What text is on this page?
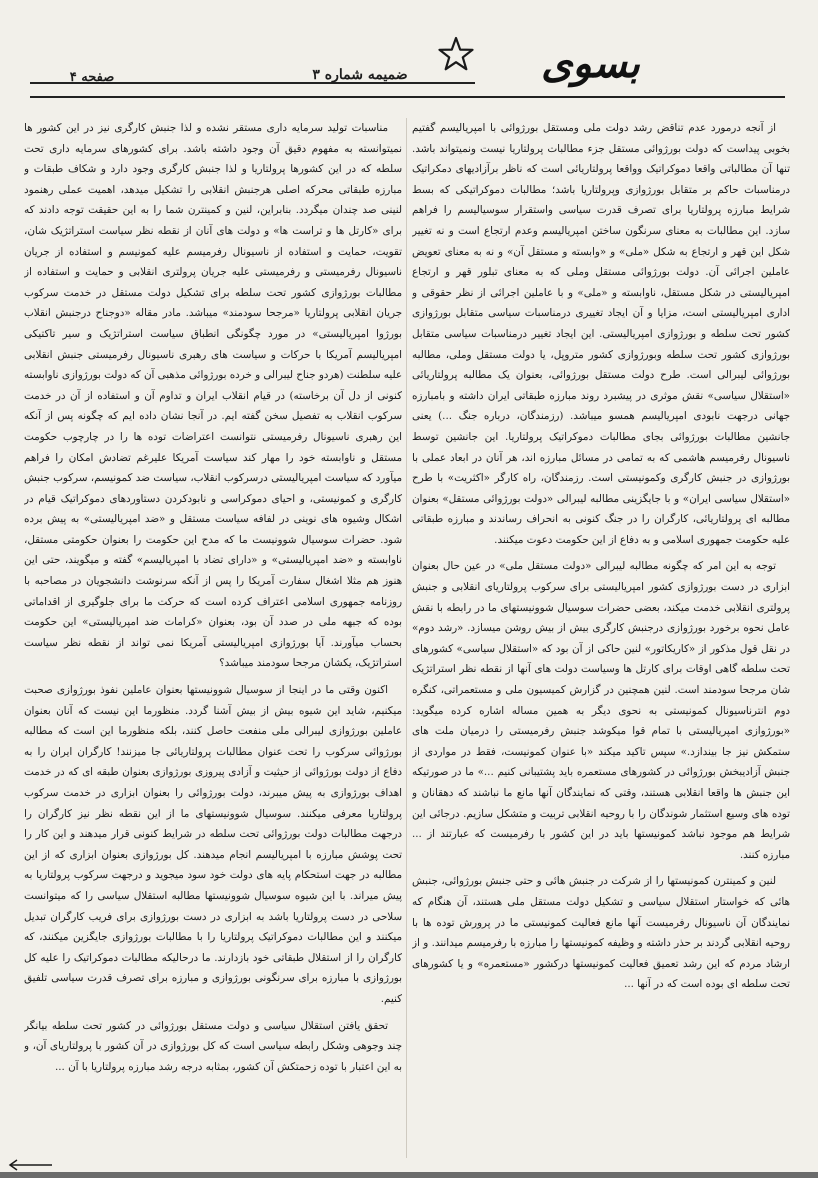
بسوی
ضمیمه شماره ۳
صفحه ۴

از آنجه درمورد عدم تناقض رشد دولت ملی ومستقل بورژوائی با امپریالیسم گفتیم بخوبی پیداست که دولت بورژوائی مستقل جزء مطالبات پرولتاریا نیست ونمیتواند باشد. تنها آن مطالباتی واقعا دموکراتیک وواقعا پرولتاریائی است که ناظر برآزادیهای دمکراتیک درمناسبات حاکم بر متقابل بورژوازی وپرولتاریا باشد؛ مطالبات دموکراتیکی که بسط شرایط مبارزه پرولتاریا برای تصرف قدرت سیاسی واستقرار سوسیالیسم را فراهم سازد. این مطالبات به معنای سرنگون ساختن امپریالیسم وعدم ارتجاع است و نه تغییر شکل این قهر و ارتجاع به شکل «ملی» و «وابسته و مستقل آن» و نه به معنای تعویض عاملین اجرائی آن. دولت بورژوائی مستقل وملی که به معنای تبلور قهر و ارتجاع امپریالیستی در شکل مستقل، ناوابسته و «ملی» و با عاملین اجرائی از نظر حقوقی و اداری امپریالیستی است، مزایا و آن ایجاد تغییری درمناسبات سیاسی متقابل بورژوازی کشور تحت سلطه و بورژوازی امپریالیستی. این ایجاد تغییر درمناسبات سیاسی متقابل بورژوازی کشور تحت سلطه وبورژوازی کشور متروپل، یا دولت مستقل وملی، مطالبه بورژوائی لیبرالی است. طرح دولت مستقل بورژوائی، بعنوان یک مطالبه پرولتاریائی «استقلال سیاسی» نقش موثری در پیشبرد روند مبارزه طبقاتی ایران داشته و بامبارزه جهانی درجهت نابودی امپریالیسم همسو میباشد. (رزمندگان، درباره جنگ ...) یعنی جانشین مطالبات بورژوائی بجای مطالبات دموکراتیک پرولتاریا. این جانشین توسط ناسیونال رفرمیسم هاشمی که به تمامی در مسائل مبارزه اند، هر آنان در ابعاد عملی با بورژوازی در جنبش کارگری وکمونیستی است. رزمندگان، راه کارگر «اکثریت» با طرح «استقلال سیاسی ایران» و با جایگزینی مطالبه لیبرالی «دولت بورژوائی مستقل» بعنوان مطالبه ای پرولتاریائی، کارگران را در جنگ کنونی به انحراف رساندند و مبارزه طبقاتی علیه حکومت جمهوری اسلامی و به دفاع از این حکومت دعوت میکنند.

توجه به این امر که چگونه مطالبه لیبرالی «دولت مستقل ملی» در عین حال بعنوان ابزاری در دست بورژوازی کشور امپریالیستی برای سرکوب پرولتاریای انقلابی و جنبش پرولتری انقلابی خدمت میکند، بعضی حضرات سوسیال شوونیستهای ما در رابطه با نقش عامل نحوه برخورد بورژوازی درجنبش کارگری بیش از بیش روشن میسازد. «رشد دوم» در نقل قول مذکور از «کاریکاتور» لنین حاکی از آن بود که «استقلال سیاسی» کشورهای تحت سلطه گاهی اوقات برای کارتل ها وسیاست دولت های آنها از نقطه نظر استراتژیک شان مرجحا سودمند است. لنین همچنین در گزارش کمیسیون ملی و مستعمراتی، کنگره دوم انترناسیونال کمونیستی به نحوی دیگر به همین مساله اشاره کرده میگوید: «بورژوازی امپریالیستی با تمام قوا میکوشد جنبش رفرمیستی را درمیان ملت های ستمکش نیز جا بیندازد.» سپس تاکید میکند «با عنوان کمونیست، فقط در مواردی از جنبش آزادیبخش بورژوائی در کشورهای مستعمره باید پشتیبانی کنیم ...» ما در صورتیکه این جنبش ها واقعا انقلابی هستند، وقتی که نمایندگان آنها مانع ما نباشند که دهقانان و توده های وسیع استثمار شوندگان را با روحیه انقلابی تربیت و متشکل سازیم. درجائی این شرایط هم موجود نباشد کمونیستها باید در این کشور با رفرمیست که عبارتند از ... مبارزه کنند.

لنین و کمینترن کمونیستها را از شرکت در جنبش هائی و حتی جنبش بورژوائی، جنبش هائی که خواستار استقلال سیاسی و تشکیل دولت مستقل ملی هستند، آن هنگام که نمایندگان آن ناسیونال رفرمیست آنها مانع فعالیت کمونیستی ما در پرورش توده ها با روحیه انقلابی گردند بر حذر داشته و وظیفه کمونیستها را مبارزه با رفرمیسم میدانند. و از ارشاد مردم که این رشد تعمیق فعالیت کمونیستها درکشور «مستعمره» و یا کشورهای تحت سلطه ای بوده است که در آنها ...

مناسبات تولید سرمایه داری مستقر نشده و لذا جنبش کارگری نیز در این کشور ها نمیتوانسته به مفهوم دقیق آن وجود داشته باشد. برای کشورهای سرمایه داری تحت سلطه که در این کشورها پرولتاریا و لذا جنبش کارگری وجود دارد و شکاف طبقات و مبارزه طبقاتی محرکه اصلی هرجنبش انقلابی را تشکیل میدهد، اهمیت عملی رهنمود لنینی صد چندان میگردد. بنابراین، لنین و کمینترن شما را به این حقیقت توجه دادند که برای «کارتل ها و تراست ها» و دولت های آنان از نقطه نظر سیاست استراتژیک شان، تقویت، حمایت و استفاده از ناسیونال رفرمیسم علیه کمونیسم و استفاده از جریان ناسیونال رفرمیستی و رفرمیستی علیه جریان پرولتری انقلابی و حمایت و استفاده از مطالبات بورژوازی کشور تحت سلطه برای تشکیل دولت مستقل در خدمت سرکوب جریان انقلابی پرولتاریا «مرجحا سودمند» میباشد. مادر مقاله «دوجناح درجنبش انقلاب بورژوا امپریالیستی» در مورد چگونگی انطباق سیاست استراتژیک و سیر تاکتیکی امپریالیسم آمریکا با حرکات و سیاست های رهبری ناسیونال رفرمیستی جنبش انقلابی علیه سلطنت (هردو جناح لیبرالی و خرده بورژوائی مذهبی آن که دولت بورژوازی ناوابسته کنونی از دل آن برخاسته) در قیام انقلاب ایران و تداوم آن و استفاده از آن در خدمت سرکوب انقلاب به تفصیل سخن گفته ایم. در آنجا نشان داده ایم که چگونه پس از آنکه این رهبری ناسیونال رفرمیستی نتوانست اعتراضات توده ها را در چارچوب حکومت مستقل و ناوابسته خود را مهار کند سیاست آمریکا علیرغم تضادش امکان را فراهم میآورد که سیاست امپریالیستی درسرکوب انقلاب، سیاست ضد کمونیسم، سرکوب جنبش کارگری و کمونیستی، و احیای دموکراسی و نابودکردن دستاوردهای دموکراتیک قیام در اشکال وشیوه های نوینی در لفافه سیاست مستقل و «ضد امپریالیستی» به پیش برده شود. حضرات سوسیال شوونیست ما که مدح این حکومت را بعنوان حکومتی مستقل، ناوابسته و «ضد امپریالیستی» و «دارای تضاد با امپریالیسم» گفته و میگویند، حتی این هنوز هم مثلا اشغال سفارت آمریکا را پس از آنکه سرنوشت دانشجویان در مصاحبه با روزنامه جمهوری اسلامی اعتراف کرده است که حرکت ما برای جلوگیری از اقداماتی بوده که جبهه ملی در صدد آن بود، بعنوان «کرامات ضد امپریالیستی» این حکومت بحساب میآورند. آیا بورژوازی امپریالیستی آمریکا نمی تواند از نقطه نظر سیاست استراتژیک، یکشان مرجحا سودمند میباشد؟

اکنون وقتی ما در اینجا از سوسیال شوونیستها بعنوان عاملین نفوذ بورژوازی صحبت میکنیم، شاید این شیوه بیش از بیش آشنا گردد. منظورما این نیست که آنان بعنوان عاملین بورژوازی لیبرالی ملی منفعت حاصل کنند، بلکه منظورما این است که مطالبه بورژوائی سرکوب را تحت عنوان مطالبات پرولتاریائی جا میزنند! کارگران ایران را به دفاع از دولت بورژوائی از حیثیت و آزادی پیروزی بورژوازی بعنوان طبقه ای که در خدمت اهداف بورژوازی به پیش میبرند، دولت بورژوائی را بعنوان ابزاری در خدمت سرکوب پرولتاریا معرفی میکنند. سوسیال شوونیستهای ما از این نقطه نظر نیز کارگران را درجهت مطالبات دولت بورژوائی تحت سلطه در شرایط کنونی قرار میدهند و این کار را تحت پوشش مبارزه با امپریالیسم انجام میدهند. کل بورژوازی بعنوان ابزاری که از این مطالبه در جهت استحکام پایه های دولت خود سود میجوید و درجهت سرکوب پرولتاریا به پیش میراند. با این شیوه سوسیال شوونیستها مطالبه استقلال سیاسی را که میتوانست سلاحی در دست پرولتاریا باشد به ابزاری در دست بورژوازی برای فریب کارگران تبدیل میکنند و این مطالبات دموکراتیک پرولتاریا را با مطالبات بورژوازی جایگزین میکنند، که کارگران را از استقلال طبقاتی خود بازدارند. ما درحالیکه مطالبات دموکراتیک را علیه کل بورژوازی با مبارزه برای سرنگونی بورژوازی و مبارزه برای تصرف قدرت سیاسی تلفیق کنیم.

تحقق یافتن استقلال سیاسی و دولت مستقل بورژوائی در کشور تحت سلطه بیانگر چند وجوهی وشکل رابطه سیاسی است که کل بورژوازی در آن کشور با پرولتاریای آن، و به این اعتبار با توده زحمتکش آن کشور، بمثابه درجه رشد مبارزه پرولتاریا با آن ...
